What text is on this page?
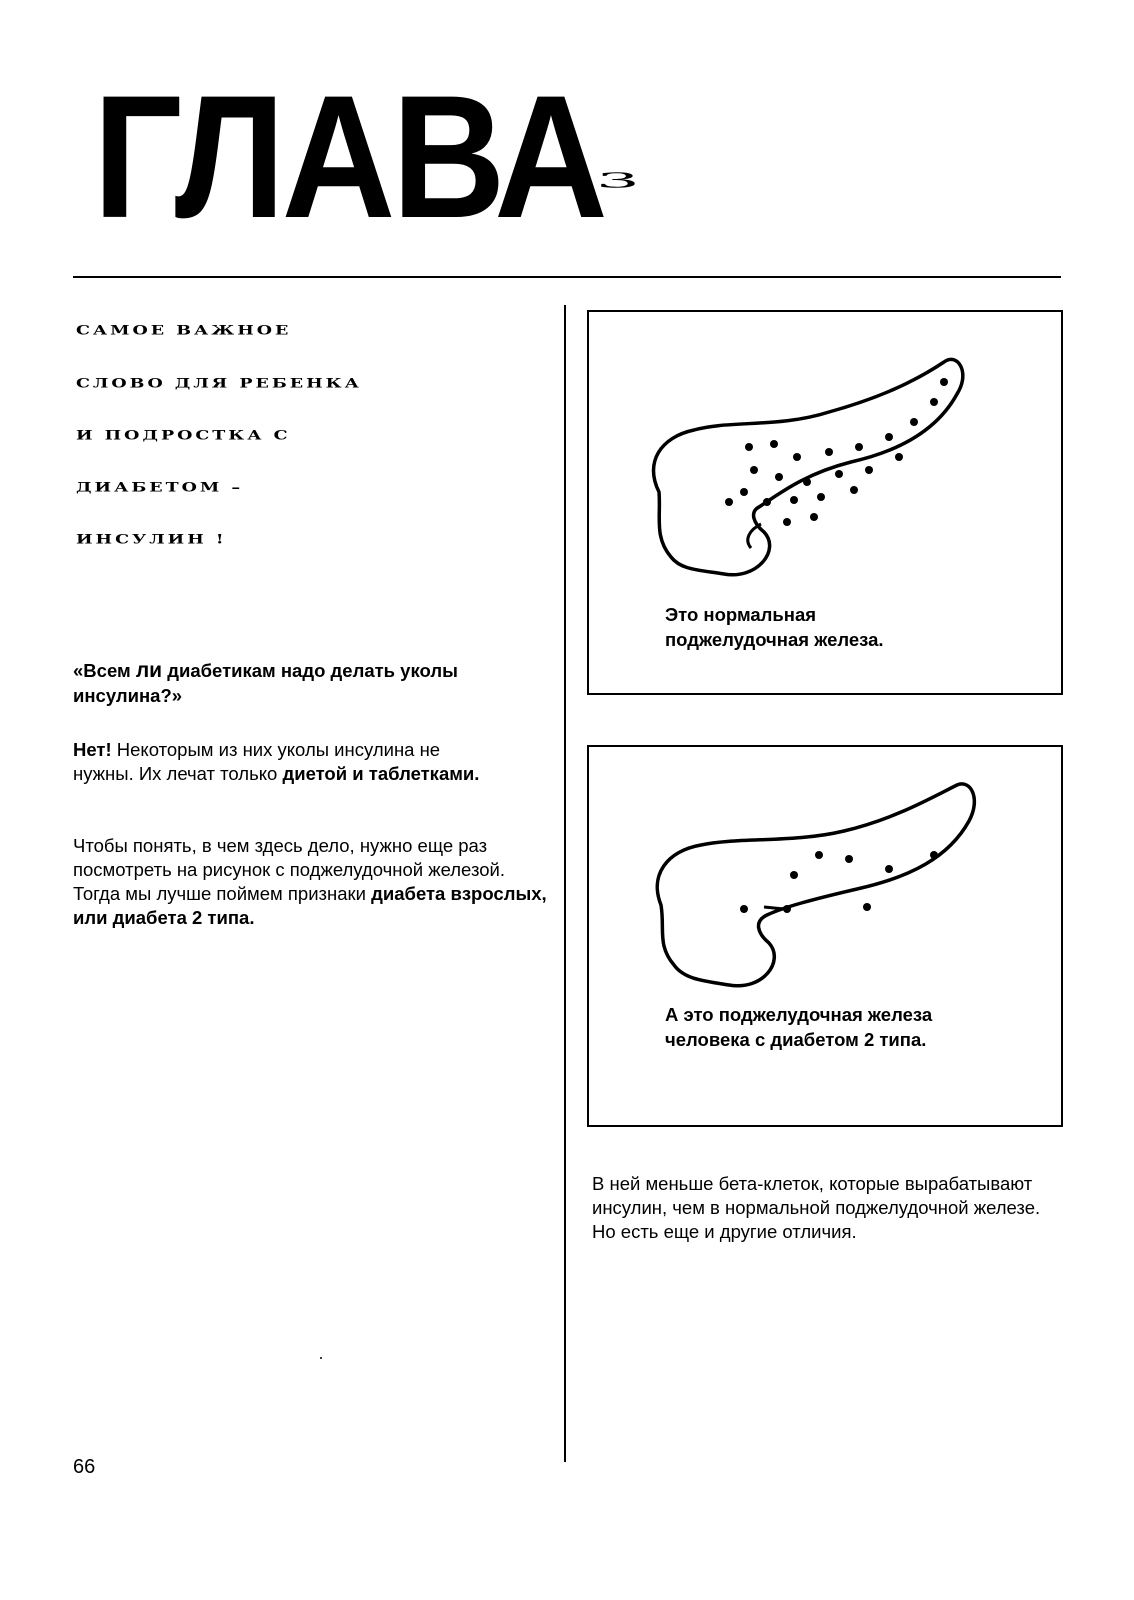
ГЛАВА
3
САМОЕ ВАЖНОЕ
СЛОВО ДЛЯ РЕБЕНКА
И ПОДРОСТКА С
ДИАБЕТОМ –
ИНСУЛИН !
«Всем ли диабетикам надо делать уколы инсулина?»
Нет! Некоторым из них уколы инсулина не нужны. Их лечат только диетой и таблетками.
Чтобы понять, в чем здесь дело, нужно еще раз посмотреть на рисунок с поджелудочной железой. Тогда мы лучше поймем признаки диабета взрослых, или диабета 2 типа.
Это нормальная
поджелудочная железа.
А это поджелудочная железа
человека с диабетом 2 типа.
В ней меньше бета-клеток, которые вырабатывают инсулин, чем в нормальной поджелудочной железе. Но есть еще и другие отличия.
66
